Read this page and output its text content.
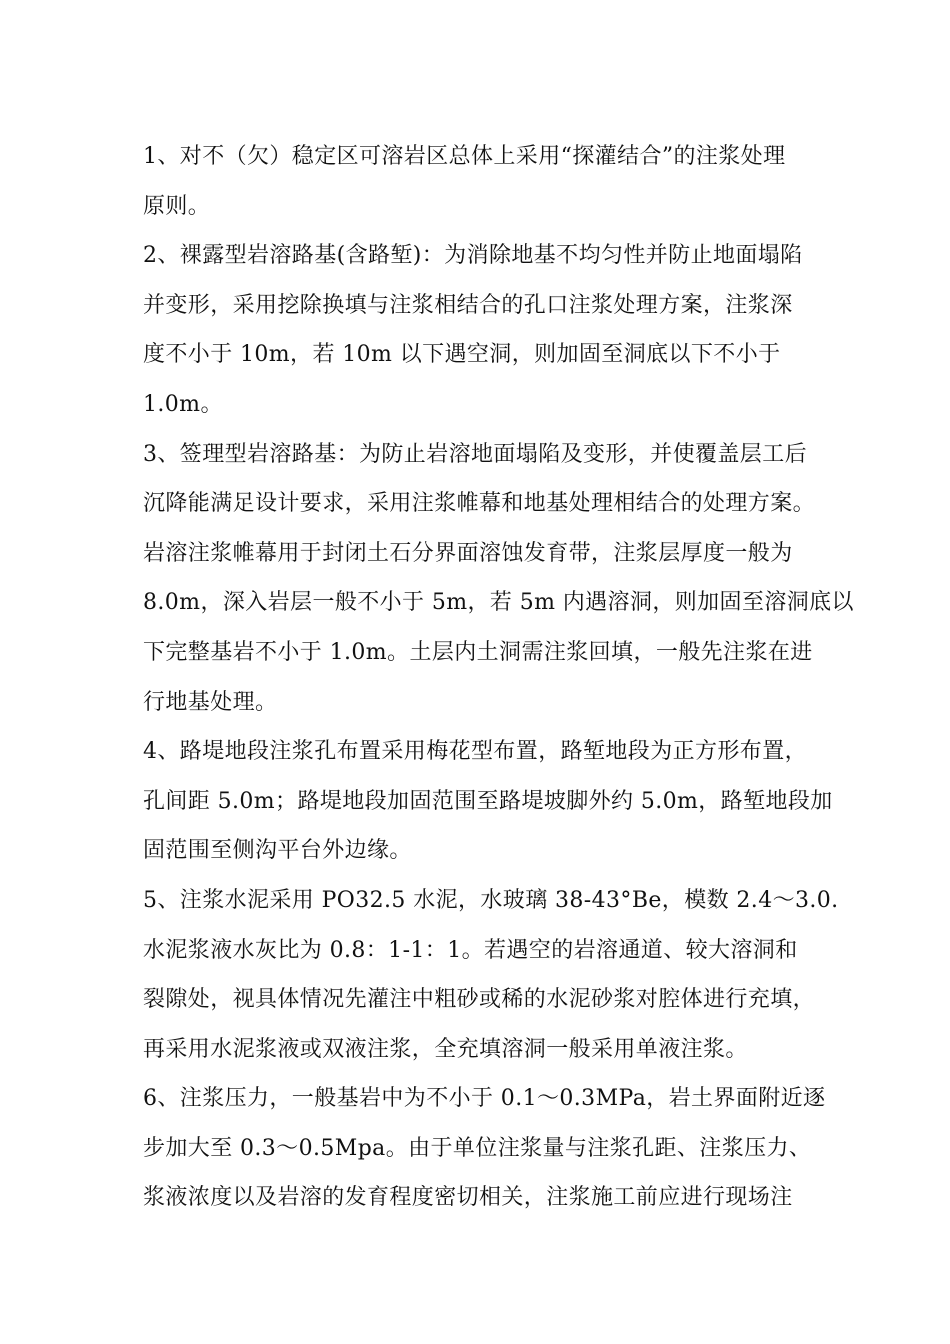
1、对不（欠）稳定区可溶岩区总体上采用“探灌结合”的注浆处理
原则。
2、裸露型岩溶路基(含路堑)：为消除地基不均匀性并防止地面塌陷
并变形，采用挖除换填与注浆相结合的孔口注浆处理方案，注浆深
度不小于 10m，若 10m 以下遇空洞，则加固至洞底以下不小于
1.0m。
3、签理型岩溶路基：为防止岩溶地面塌陷及变形，并使覆盖层工后
沉降能满足设计要求，采用注浆帷幕和地基处理相结合的处理方案。
岩溶注浆帷幕用于封闭土石分界面溶蚀发育带，注浆层厚度一般为
8.0m，深入岩层一般不小于 5m，若 5m 内遇溶洞，则加固至溶洞底以
下完整基岩不小于 1.0m。土层内土洞需注浆回填，一般先注浆在进
行地基处理。
4、路堤地段注浆孔布置采用梅花型布置，路堑地段为正方形布置，
孔间距 5.0m；路堤地段加固范围至路堤坡脚外约 5.0m，路堑地段加
固范围至侧沟平台外边缘。
5、注浆水泥采用 PO32.5 水泥，水玻璃 38-43°Be，模数 2.4～3.0.
水泥浆液水灰比为 0.8：1-1：1。若遇空的岩溶通道、较大溶洞和
裂隙处，视具体情况先灌注中粗砂或稀的水泥砂浆对腔体进行充填，
再采用水泥浆液或双液注浆，全充填溶洞一般采用单液注浆。
6、注浆压力，一般基岩中为不小于 0.1～0.3MPa，岩土界面附近逐
步加大至 0.3～0.5Mpa。由于单位注浆量与注浆孔距、注浆压力、
浆液浓度以及岩溶的发育程度密切相关，注浆施工前应进行现场注
